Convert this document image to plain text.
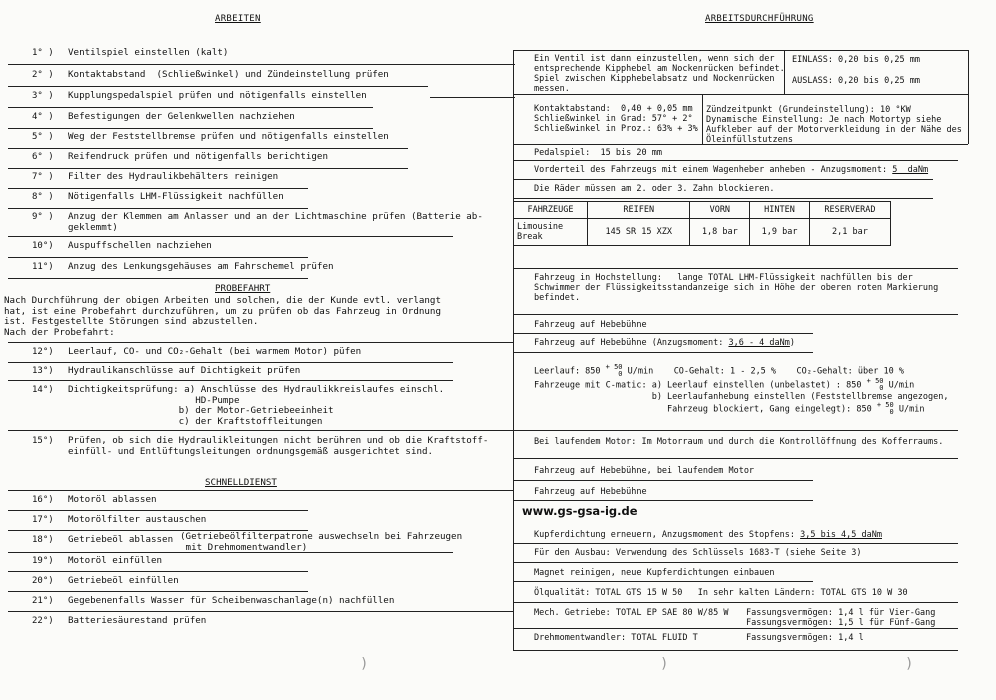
ARBEITEN	ARBEITSDURCHFÜHRUNG
1° ) Ventilspiel einstellen (kalt)
2° ) Kontaktabstand  (Schließwinkel) und Zündeinstellung prüfen
3° ) Kupplungspedalspiel prüfen und nötigenfalls einstellen
4° ) Befestigungen der Gelenkwellen nachziehen
5° ) Weg der Feststellbremse prüfen und nötigenfalls einstellen
6° ) Reifendruck prüfen und nötigenfalls berichtigen
7° ) Filter des Hydraulikbehälters reinigen
8° ) Nötigenfalls LHM-Flüssigkeit nachfüllen
9° ) Anzug der Klemmen am Anlasser und an der Lichtmaschine prüfen (Batterie ab-
geklemmt)
10°) Auspuffschellen nachziehen
11°) Anzug des Lenkungsgehäuses am Fahrschemel prüfen
PROBEFAHRT
Nach Durchführung der obigen Arbeiten und solchen, die der Kunde evtl. verlangt
hat, ist eine Probefahrt durchzuführen, um zu prüfen ob das Fahrzeug in Ordnung
ist. Festgestellte Störungen sind abzustellen.
Nach der Probefahrt:
12°) Leerlauf, CO- und CO₂-Gehalt (bei warmem Motor) püfen
13°) Hydraulikanschlüsse auf Dichtigkeit prüfen
14°) Dichtigkeitsprüfung: a) Anschlüsse des Hydraulikkreislaufes einschl.
HD-Pumpe
b) der Motor-Getriebeeinheit
c) der Kraftstoffleitungen
15°) Prüfen, ob sich die Hydraulikleitungen nicht berühren und ob die Kraftstoff-
einfüll- und Entlüftungsleitungen ordnungsgemäß ausgerichtet sind.
SCHNELLDIENST
16°) Motoröl ablassen
17°) Motorölfilter austauschen
18°) Getriebeöl ablassen (Getriebeölfilterpatrone auswechseln bei Fahrzeugen
mit Drehmomentwandler)
19°) Motoröl einfüllen
20°) Getriebeöl einfüllen
21°) Gegebenenfalls Wasser für Scheibenwaschanlage(n) nachfüllen
22°) Batteriesäurestand prüfen
Ein Ventil ist dann einzustellen, wenn sich der
entsprechende Kipphebel am Nockenrücken befindet.
Spiel zwischen Kipphebelabsatz und Nockenrücken
messen.
EINLASS: 0,20 bis 0,25 mm
AUSLASS: 0,20 bis 0,25 mm
Kontaktabstand:  0,40 + 0,05 mm
Schließwinkel in Grad: 57° + 2°
Schließwinkel in Proz.: 63% + 3%
Zündzeitpunkt (Grundeinstellung): 10 °KW
Dynamische Einstellung: Je nach Motortyp siehe
Aufkleber auf der Motorverkleidung in der Nähe des
Öleinfüllstutzens
Pedalspiel:  15 bis 20 mm
Vorderteil des Fahrzeugs mit einem Wagenheber anheben - Anzugsmoment: 5  daNm
Die Räder müssen am 2. oder 3. Zahn blockieren.
FAHRZEUGE	REIFEN	VORN	HINTEN	RESERVERAD
Limousine
Break	145 SR 15 XZX	1,8 bar	1,9 bar	2,1 bar
Fahrzeug in Hochstellung:   lange TOTAL LHM-Flüssigkeit nachfüllen bis der
Schwimmer der Flüssigkeitsstandanzeige sich in Höhe der oberen roten Markierung
befindet.
Fahrzeug auf Hebebühne
Fahrzeug auf Hebebühne (Anzugsmoment: 3,6 - 4 daNm)
Leerlauf: 850 + 50
0 U/min    CO-Gehalt: 1 - 2,5 %    CO₂-Gehalt: über 10 %
Fahrzeuge mit C-matic: a) Leerlauf einstellen (unbelastet) : 850 + 50
0 U/min
b) Leerlaufanhebung einstellen (Feststellbremse angezogen,
Fahrzeug blockiert, Gang eingelegt): 850 + 50
0 U/min
Bei laufendem Motor: Im Motorraum und durch die Kontrollöffnung des Kofferraums.
Fahrzeug auf Hebebühne, bei laufendem Motor
Fahrzeug auf Hebebühne
www.gs-gsa-ig.de
Kupferdichtung erneuern, Anzugsmoment des Stopfens: 3,5 bis 4,5 daNm
Für den Ausbau: Verwendung des Schlüssels 1683-T (siehe Seite 3)
Magnet reinigen, neue Kupferdichtungen einbauen
Ölqualität: TOTAL GTS 15 W 50   In sehr kalten Ländern: TOTAL GTS 10 W 30
Mech. Getriebe: TOTAL EP SAE 80 W/85 W Fassungsvermögen: 1,4 l für Vier-Gang
Fassungsvermögen: 1,5 l für Fünf-Gang
Drehmomentwandler: TOTAL FLUID T	Fassungsvermögen: 1,4 l
)	)	)
